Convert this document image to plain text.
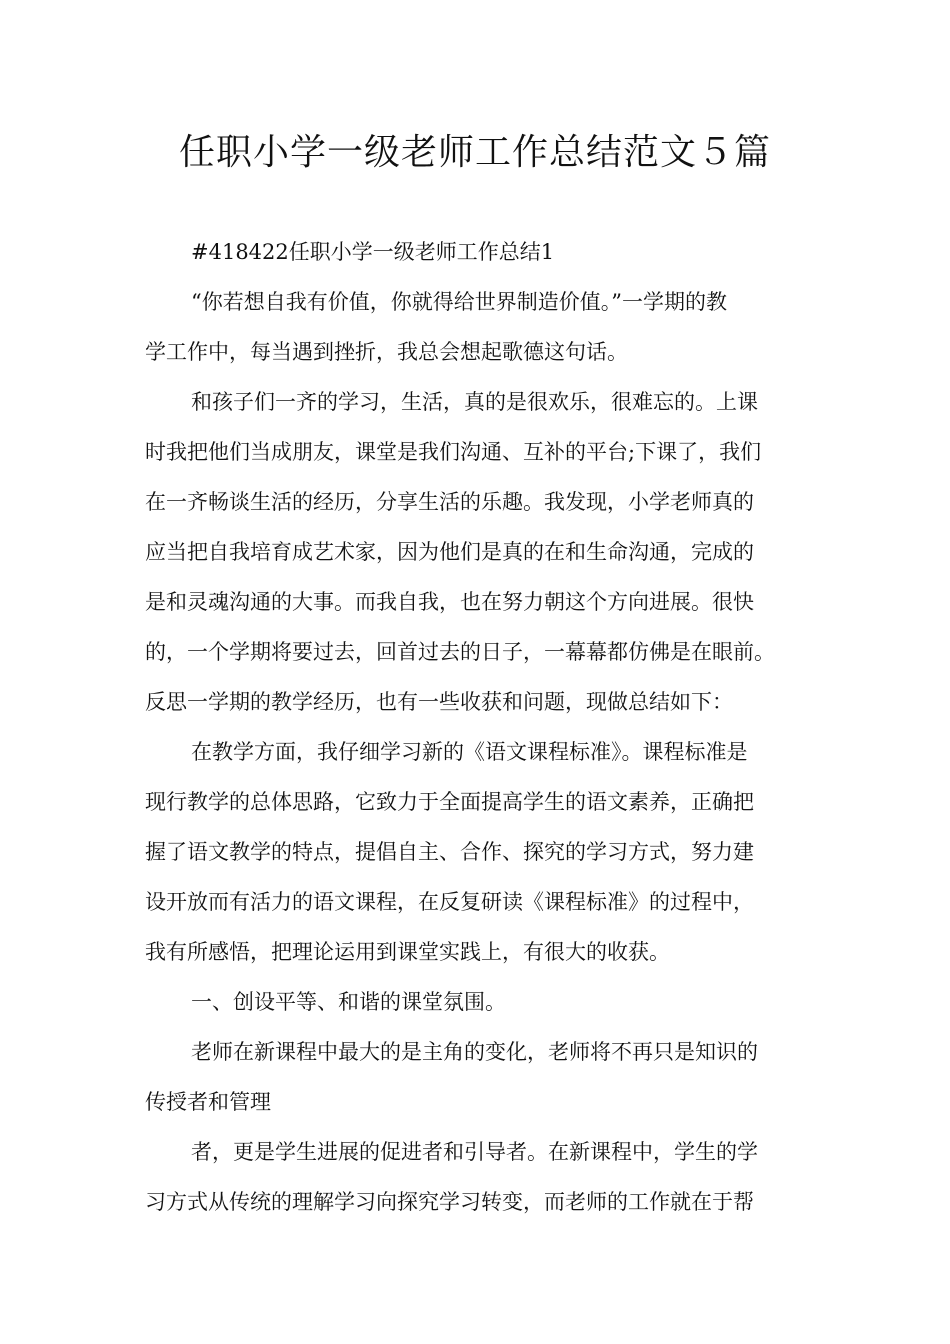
任职小学一级老师工作总结范文５篇
#418422任职小学一级老师工作总结1
“你若想自我有价值，你就得给世界制造价值。”一学期的教
学工作中，每当遇到挫折，我总会想起歌德这句话。
和孩子们一齐的学习，生活，真的是很欢乐，很难忘的。上课
时我把他们当成朋友，课堂是我们沟通、互补的平台;下课了，我们
在一齐畅谈生活的经历，分享生活的乐趣。我发现，小学老师真的
应当把自我培育成艺术家，因为他们是真的在和生命沟通，完成的
是和灵魂沟通的大事。而我自我，也在努力朝这个方向进展。很快
的，一个学期将要过去，回首过去的日子，一幕幕都仿佛是在眼前。
反思一学期的教学经历，也有一些收获和问题，现做总结如下：
在教学方面，我仔细学习新的《语文课程标准》。课程标准是
现行教学的总体思路，它致力于全面提高学生的语文素养，正确把
握了语文教学的特点，提倡自主、合作、探究的学习方式，努力建
设开放而有活力的语文课程，在反复研读《课程标准》的过程中，
我有所感悟，把理论运用到课堂实践上，有很大的收获。
一、创设平等、和谐的课堂氛围。
老师在新课程中最大的是主角的变化，老师将不再只是知识的
传授者和管理
者，更是学生进展的促进者和引导者。在新课程中，学生的学
习方式从传统的理解学习向探究学习转变，而老师的工作就在于帮
